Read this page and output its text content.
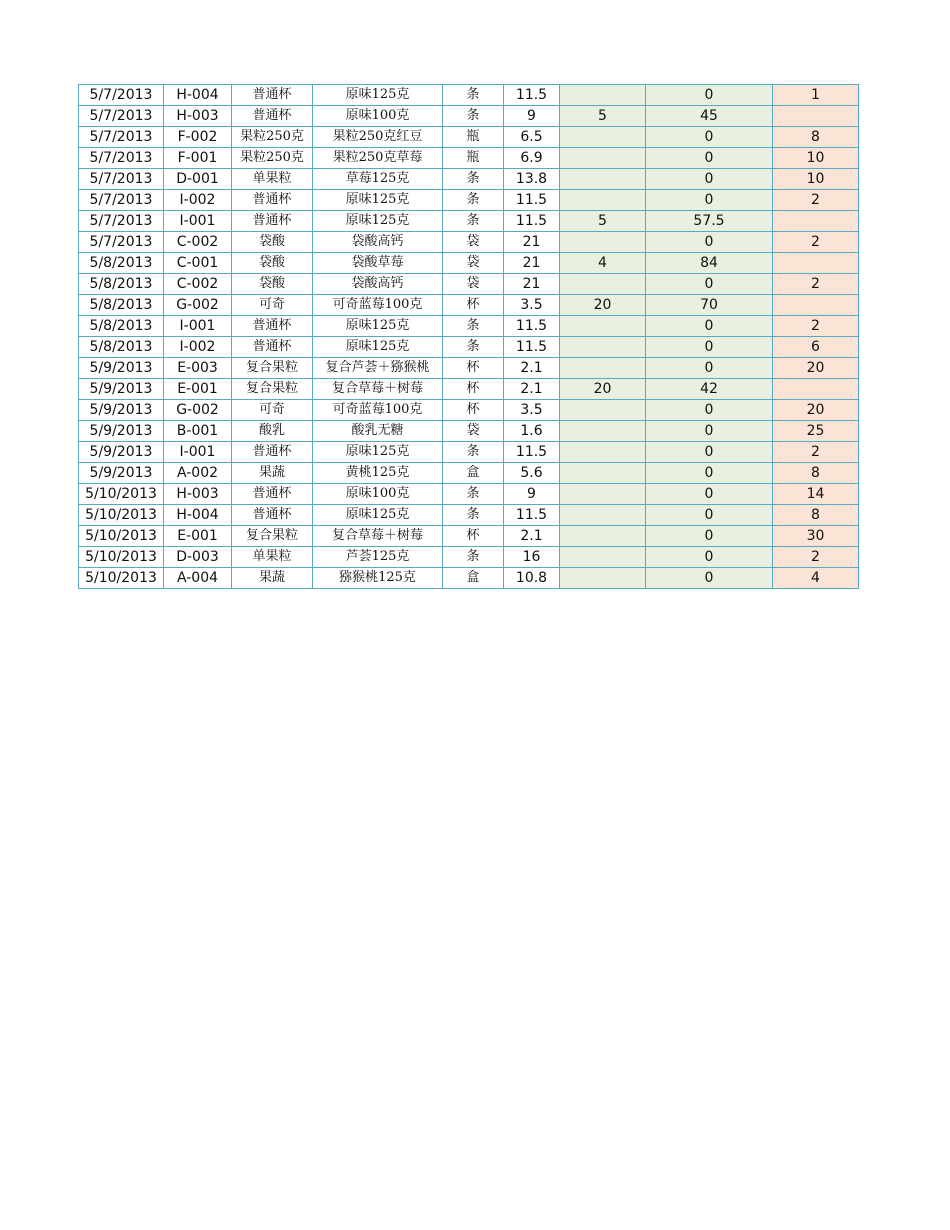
5/7/2013	H-004	普通杯	原味125克	条	11.5		0	1
5/7/2013	H-003	普通杯	原味100克	条	9	5	45	
5/7/2013	F-002	果粒250克	果粒250克红豆	瓶	6.5		0	8
5/7/2013	F-001	果粒250克	果粒250克草莓	瓶	6.9		0	10
5/7/2013	D-001	单果粒	草莓125克	条	13.8		0	10
5/7/2013	I-002	普通杯	原味125克	条	11.5		0	2
5/7/2013	I-001	普通杯	原味125克	条	11.5	5	57.5	
5/7/2013	C-002	袋酸	袋酸高钙	袋	21		0	2
5/8/2013	C-001	袋酸	袋酸草莓	袋	21	4	84	
5/8/2013	C-002	袋酸	袋酸高钙	袋	21		0	2
5/8/2013	G-002	可奇	可奇蓝莓100克	杯	3.5	20	70	
5/8/2013	I-001	普通杯	原味125克	条	11.5		0	2
5/8/2013	I-002	普通杯	原味125克	条	11.5		0	6
5/9/2013	E-003	复合果粒	复合芦荟＋猕猴桃	杯	2.1		0	20
5/9/2013	E-001	复合果粒	复合草莓＋树莓	杯	2.1	20	42	
5/9/2013	G-002	可奇	可奇蓝莓100克	杯	3.5		0	20
5/9/2013	B-001	酸乳	酸乳无糖	袋	1.6		0	25
5/9/2013	I-001	普通杯	原味125克	条	11.5		0	2
5/9/2013	A-002	果蔬	黄桃125克	盒	5.6		0	8
5/10/2013	H-003	普通杯	原味100克	条	9		0	14
5/10/2013	H-004	普通杯	原味125克	条	11.5		0	8
5/10/2013	E-001	复合果粒	复合草莓＋树莓	杯	2.1		0	30
5/10/2013	D-003	单果粒	芦荟125克	条	16		0	2
5/10/2013	A-004	果蔬	猕猴桃125克	盒	10.8		0	4
